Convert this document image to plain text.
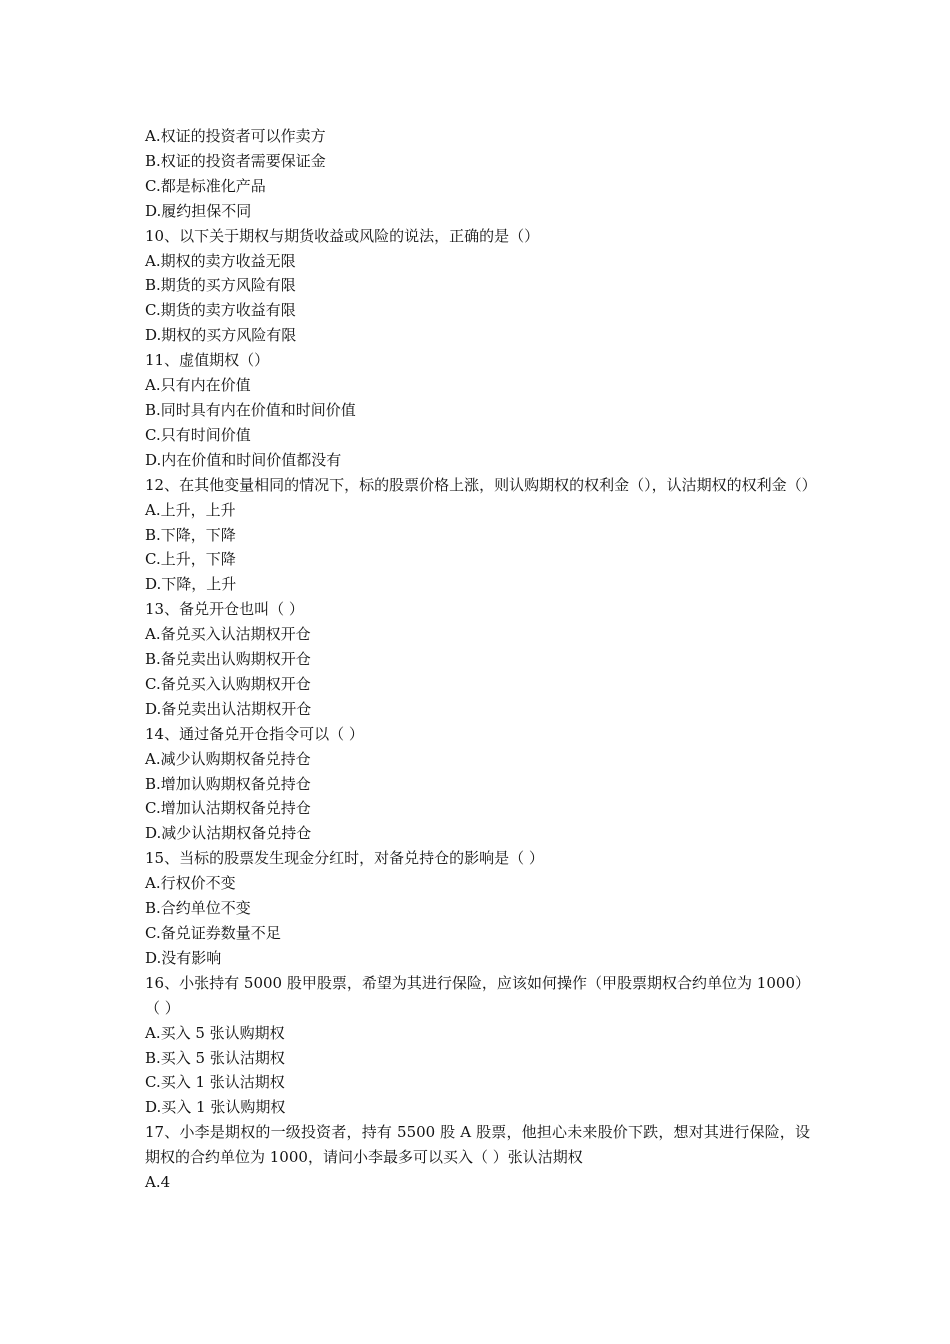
A.权证的投资者可以作卖方
B.权证的投资者需要保证金
C.都是标准化产品
D.履约担保不同
10、以下关于期权与期货收益或风险的说法，正确的是（）
A.期权的卖方收益无限
B.期货的买方风险有限
C.期货的卖方收益有限
D.期权的买方风险有限
11、虚值期权（）
A.只有内在价值
B.同时具有内在价值和时间价值
C.只有时间价值
D.内在价值和时间价值都没有
12、在其他变量相同的情况下，标的股票价格上涨，则认购期权的权利金（），认沽期权的权利金（）
A.上升，上升
B.下降，下降
C.上升，下降
D.下降，上升
13、备兑开仓也叫（ ）
A.备兑买入认沽期权开仓
B.备兑卖出认购期权开仓
C.备兑买入认购期权开仓
D.备兑卖出认沽期权开仓
14、通过备兑开仓指令可以（ ）
A.减少认购期权备兑持仓
B.增加认购期权备兑持仓
C.增加认沽期权备兑持仓
D.减少认沽期权备兑持仓
15、当标的股票发生现金分红时，对备兑持仓的影响是（ ）
A.行权价不变
B.合约单位不变
C.备兑证券数量不足
D.没有影响
16、小张持有 5000 股甲股票，希望为其进行保险，应该如何操作（甲股票期权合约单位为 1000）（ ）
A.买入 5 张认购期权
B.买入 5 张认沽期权
C.买入 1 张认沽期权
D.买入 1 张认购期权
17、小李是期权的一级投资者，持有 5500 股 A 股票，他担心未来股价下跌，想对其进行保险，设期权的合约单位为 1000，请问小李最多可以买入（ ）张认沽期权
A.4
